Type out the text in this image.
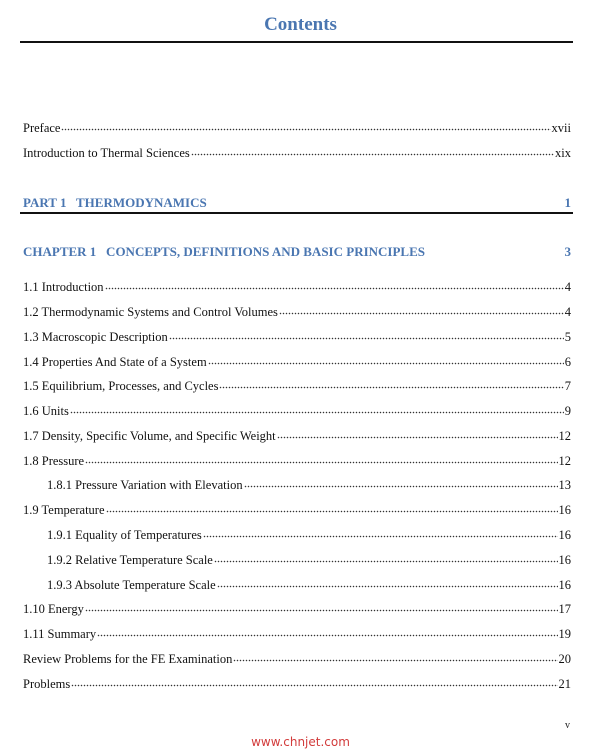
Contents
Preface	xvii
Introduction to Thermal Sciences	xix
PART 1   THERMODYNAMICS	1
CHAPTER 1   CONCEPTS, DEFINITIONS AND BASIC PRINCIPLES	3
1.1 Introduction	4
1.2 Thermodynamic Systems and Control Volumes	4
1.3 Macroscopic Description	5
1.4 Properties And State of a System	6
1.5 Equilibrium, Processes, and Cycles	7
1.6 Units	9
1.7 Density, Specific Volume, and Specific Weight	12
1.8 Pressure	12
1.8.1 Pressure Variation with Elevation	13
1.9 Temperature	16
1.9.1 Equality of Temperatures	16
1.9.2 Relative Temperature Scale	16
1.9.3 Absolute Temperature Scale	16
1.10 Energy	17
1.11 Summary	19
Review Problems for the FE Examination	20
Problems	21
v
www.chnjet.com
